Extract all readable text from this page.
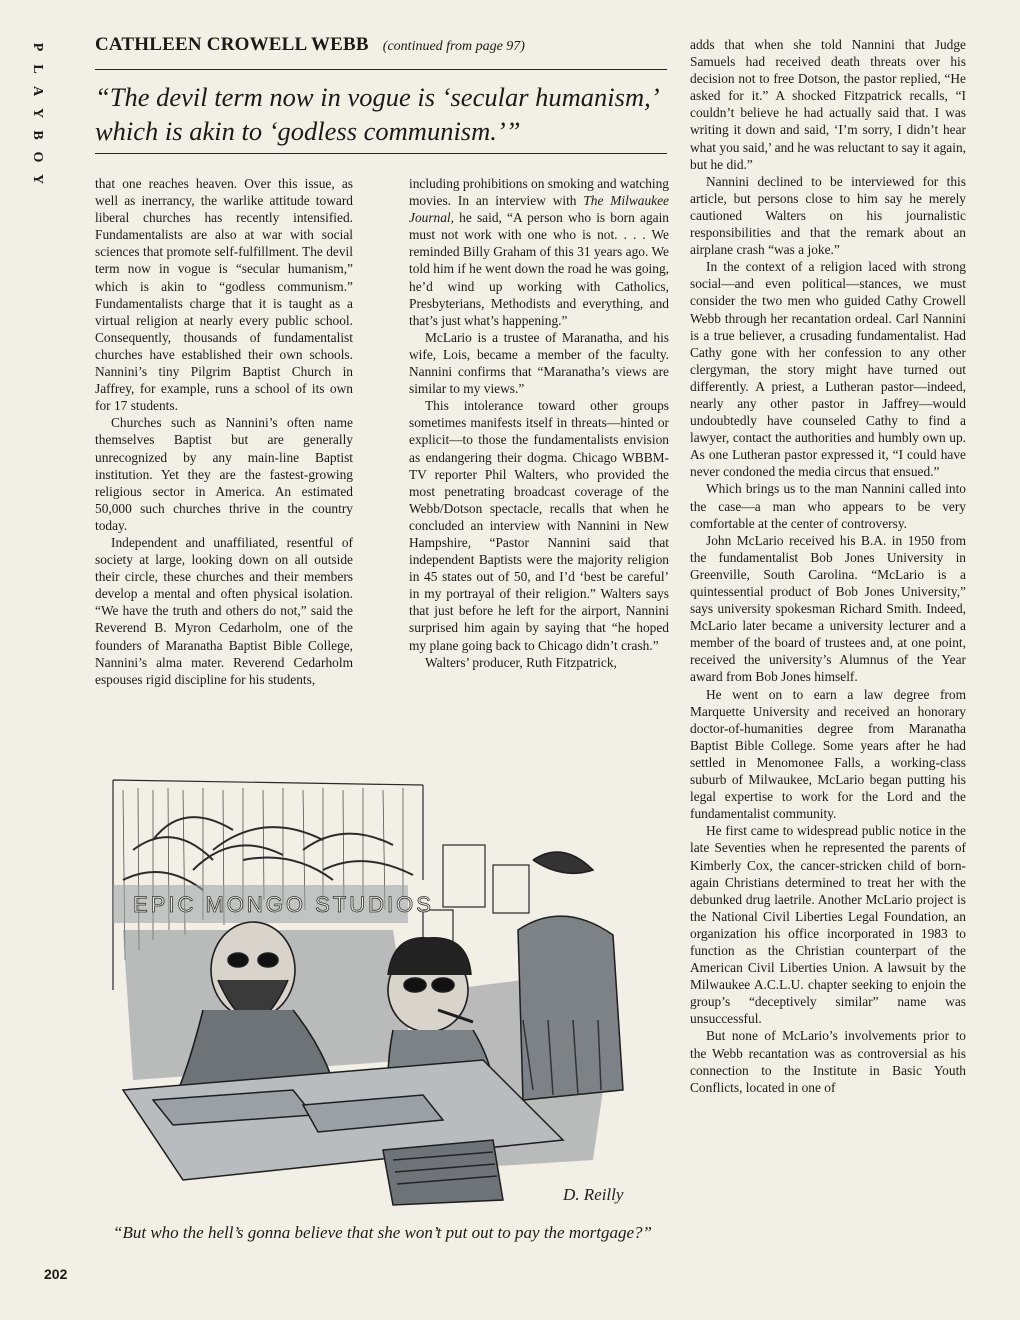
P
L
A
Y
B
O
Y
CATHLEEN CROWELL WEBB (continued from page 97)
“The devil term now in vogue is ‘secular humanism,’ which is akin to ‘godless communism.’”

that one reaches heaven. Over this issue, as well as inerrancy, the warlike attitude toward liberal churches has recently intensified. Fundamentalists are also at war with social sciences that promote self-fulfillment. The devil term now in vogue is “secular humanism,” which is akin to “godless communism.” Fundamentalists charge that it is taught as a virtual religion at nearly every public school. Consequently, thousands of fundamentalist churches have established their own schools. Nannini’s tiny Pilgrim Baptist Church in Jaffrey, for example, runs a school of its own for 17 students.

Churches such as Nannini’s often name themselves Baptist but are generally unrecognized by any main-line Baptist institution. Yet they are the fastest-growing religious sector in America. An estimated 50,000 such churches thrive in the country today.

Independent and unaffiliated, resentful of society at large, looking down on all outside their circle, these churches and their members develop a mental and often physical isolation. “We have the truth and others do not,” said the Reverend B. Myron Cedarholm, one of the founders of Maranatha Baptist Bible College, Nannini’s alma mater. Reverend Cedarholm espouses rigid discipline for his students,

including prohibitions on smoking and watching movies. In an interview with The Milwaukee Journal, he said, “A person who is born again must not work with one who is not. . . . We reminded Billy Graham of this 31 years ago. We told him if he went down the road he was going, he’d wind up working with Catholics, Presbyterians, Methodists and everything, and that’s just what’s happening.”

McLario is a trustee of Maranatha, and his wife, Lois, became a member of the faculty. Nannini confirms that “Maranatha’s views are similar to my views.”

This intolerance toward other groups sometimes manifests itself in threats—hinted or explicit—to those the fundamentalists envision as endangering their dogma. Chicago WBBM-TV reporter Phil Walters, who provided the most penetrating broadcast coverage of the Webb/Dotson spectacle, recalls that when he concluded an interview with Nannini in New Hampshire, “Pastor Nannini said that independent Baptists were the majority religion in 45 states out of 50, and I’d ‘best be careful’ in my portrayal of their religion.” Walters says that just before he left for the airport, Nannini surprised him again by saying that “he hoped my plane going back to Chicago didn’t crash.”

Walters’ producer, Ruth Fitzpatrick,

adds that when she told Nannini that Judge Samuels had received death threats over his decision not to free Dotson, the pastor replied, “He asked for it.” A shocked Fitzpatrick recalls, “I couldn’t believe he had actually said that. I was writing it down and said, ‘I’m sorry, I didn’t hear what you said,’ and he was reluctant to say it again, but he did.”

Nannini declined to be interviewed for this article, but persons close to him say he merely cautioned Walters on his journalistic responsibilities and that the remark about an airplane crash “was a joke.”

In the context of a religion laced with strong social—and even political—stances, we must consider the two men who guided Cathy Crowell Webb through her recantation ordeal. Carl Nannini is a true believer, a crusading fundamentalist. Had Cathy gone with her confession to any other clergyman, the story might have turned out differently. A priest, a Lutheran pastor—indeed, nearly any other pastor in Jaffrey—would undoubtedly have counseled Cathy to find a lawyer, contact the authorities and humbly own up. As one Lutheran pastor expressed it, “I could have never condoned the media circus that ensued.”

Which brings us to the man Nannini called into the case—a man who appears to be very comfortable at the center of controversy.

John McLario received his B.A. in 1950 from the fundamentalist Bob Jones University in Greenville, South Carolina. “McLario is a quintessential product of Bob Jones University,” says university spokesman Richard Smith. Indeed, McLario later became a university lecturer and a member of the board of trustees and, at one point, received the university’s Alumnus of the Year award from Bob Jones himself.

He went on to earn a law degree from Marquette University and received an honorary doctor-of-humanities degree from Maranatha Baptist Bible College. Some years after he had settled in Menomonee Falls, a working-class suburb of Milwaukee, McLario began putting his legal expertise to work for the Lord and the fundamentalist community.

He first came to widespread public notice in the late Seventies when he represented the parents of Kimberly Cox, the cancer-stricken child of born-again Christians determined to treat her with the debunked drug laetrile. Another McLario project is the National Civil Liberties Legal Foundation, an organization his office incorporated in 1983 to function as the Christian counterpart of the American Civil Liberties Union. A lawsuit by the Milwaukee A.C.L.U. chapter seeking to enjoin the group’s “deceptively similar” name was unsuccessful.

But none of McLario’s involvements prior to the Webb recantation was as controversial as his connection to the Institute in Basic Youth Conflicts, located in one of

EPIC MONGO STUDIOS
D. Reilly
“But who the hell’s gonna believe that she won’t put out to pay the mortgage?”
202
